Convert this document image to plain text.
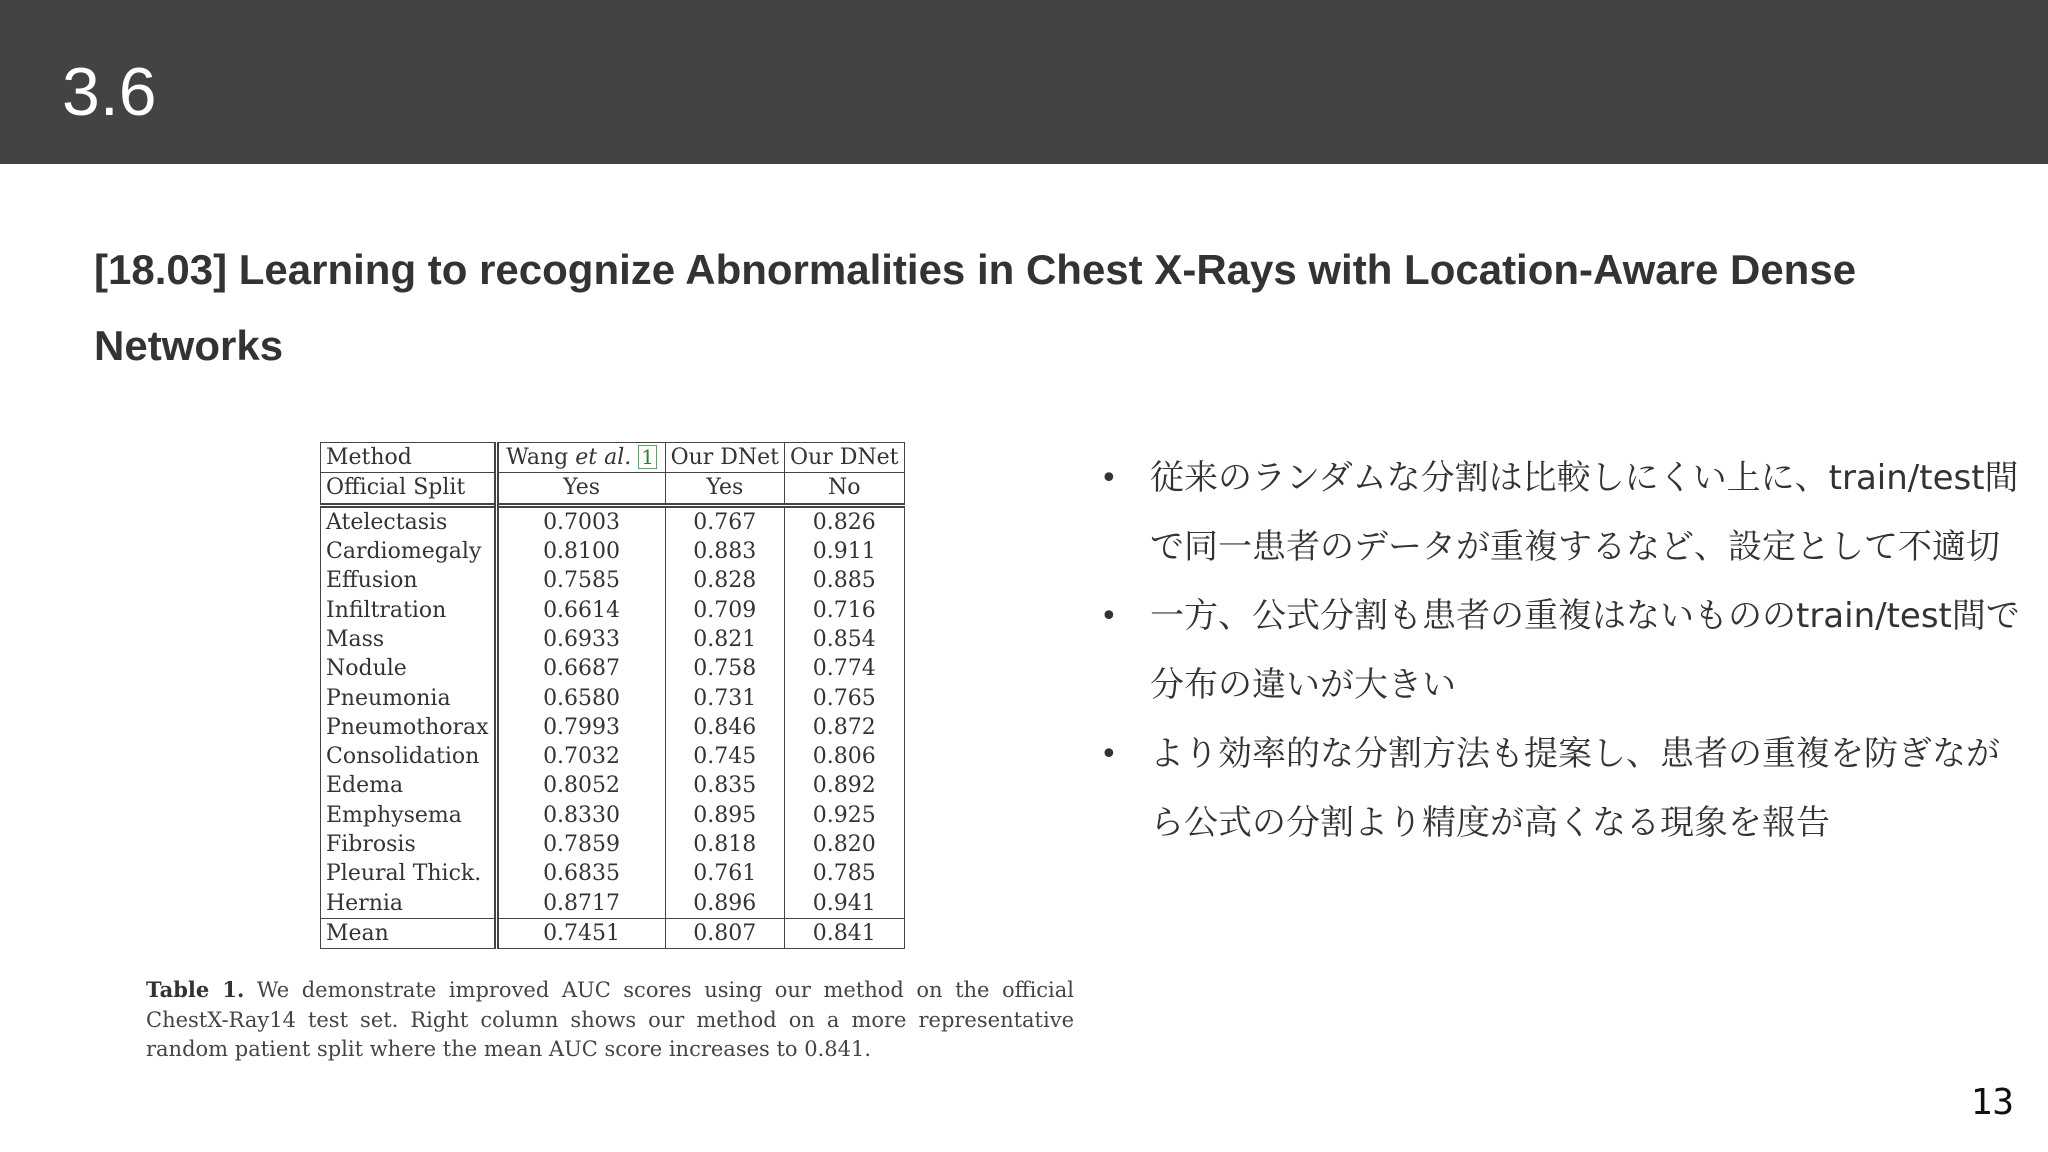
3.6
[18.03] Learning to recognize Abnormalities in Chest X-Rays with Location-Aware Dense Networks
Method	Wang et al. 1	Our DNet	Our DNet
Official Split	Yes	Yes	No
Atelectasis	0.7003	0.767	0.826
Cardiomegaly	0.8100	0.883	0.911
Effusion	0.7585	0.828	0.885
Infiltration	0.6614	0.709	0.716
Mass	0.6933	0.821	0.854
Nodule	0.6687	0.758	0.774
Pneumonia	0.6580	0.731	0.765
Pneumothorax	0.7993	0.846	0.872
Consolidation	0.7032	0.745	0.806
Edema	0.8052	0.835	0.892
Emphysema	0.8330	0.895	0.925
Fibrosis	0.7859	0.818	0.820
Pleural Thick.	0.6835	0.761	0.785
Hernia	0.8717	0.896	0.941
Mean	0.7451	0.807	0.841

Table 1. We demonstrate improved AUC scores using our method on the official ChestX-Ray14 test set. Right column shows our method on a more representative random patient split where the mean AUC score increases to 0.841.

• 従来のランダムな分割は比較しにくい上に、train/test間で同一患者のデータが重複するなど、設定として不適切
• 一方、公式分割も患者の重複はないもののtrain/test間で分布の違いが大きい
• より効率的な分割方法も提案し、患者の重複を防ぎながら公式の分割より精度が高くなる現象を報告
13
